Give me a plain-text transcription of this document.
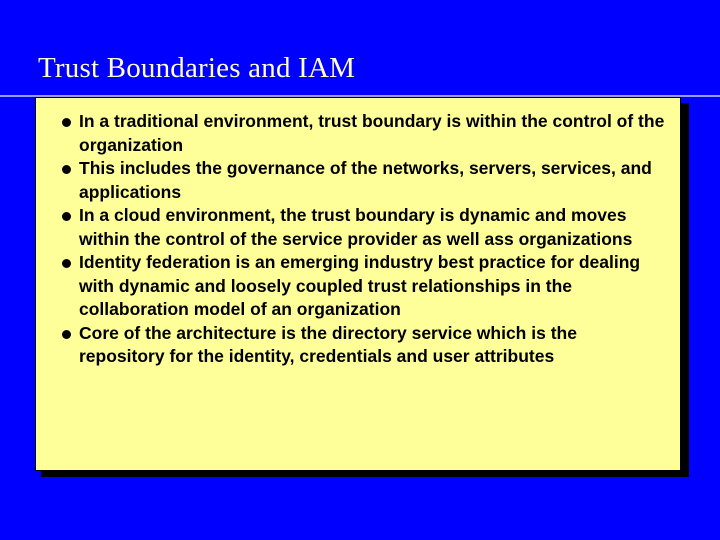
Trust Boundaries and IAM
In a traditional environment, trust boundary is within the control of the organization
This includes the governance of the networks, servers, services, and applications
In a cloud environment, the trust boundary is dynamic and moves within the control of the service provider as well ass organizations
Identity federation is an emerging industry best practice for dealing with dynamic and loosely coupled trust relationships in the collaboration model of an organization
Core of the architecture is the directory service which is the repository for the identity, credentials and user attributes
